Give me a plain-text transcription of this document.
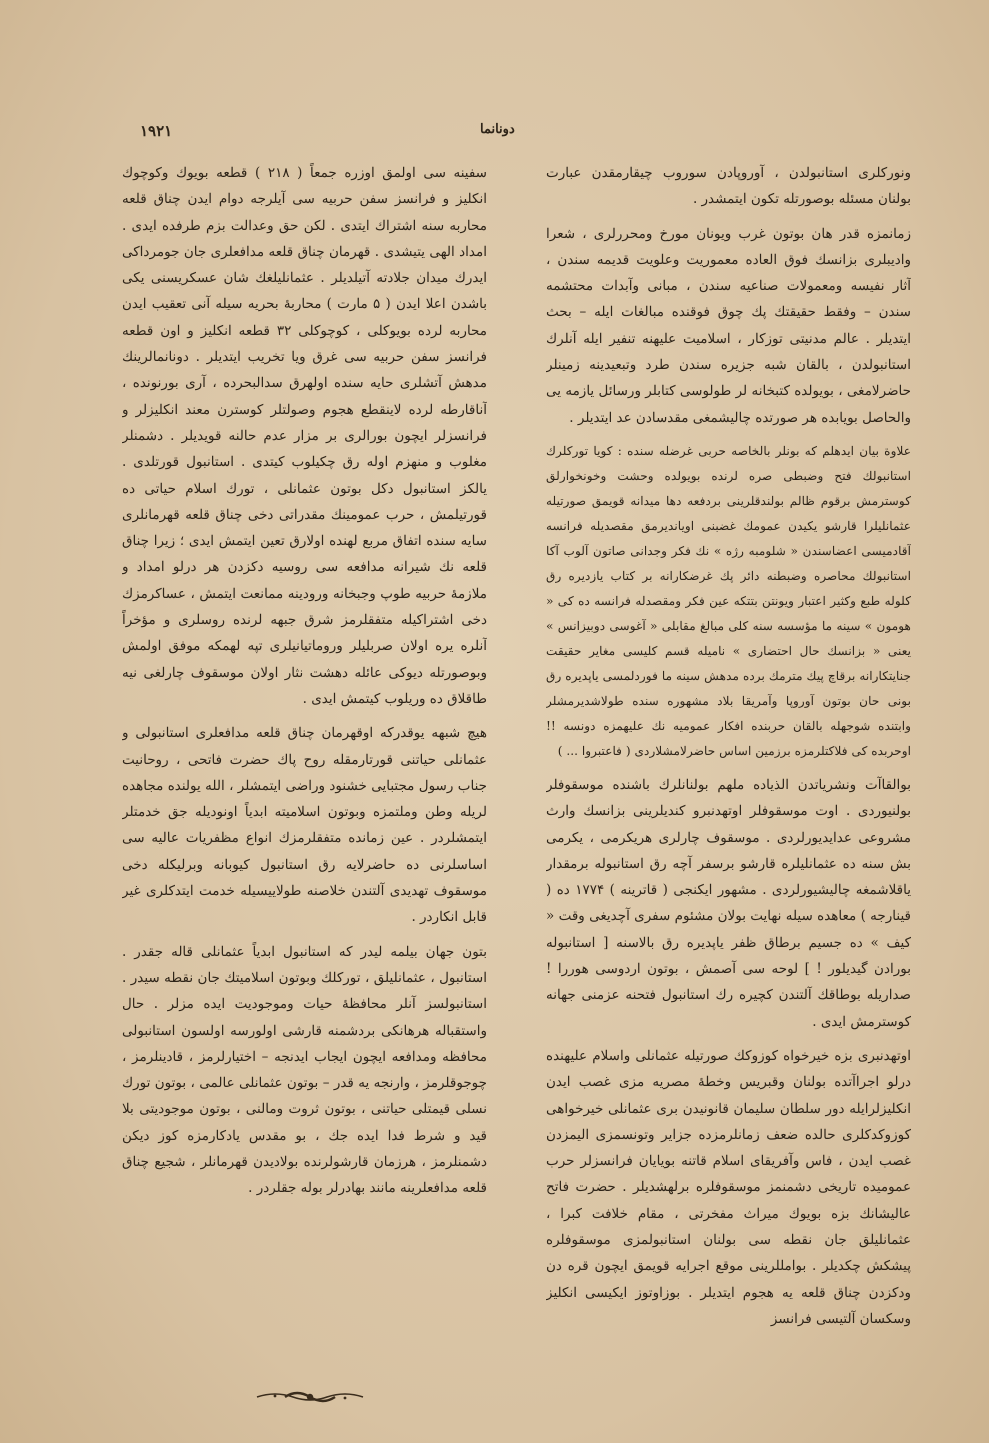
١٩٢١	دونانما

ونورکلری استانبولدن ، آوروپادن سوروب چیقارمقدن عبارت بولنان مسئله بوصورتله تکون ایتمشدر .

زمانمزه قدر هان بوتون غرب ویونان مورخ ومحررلری ، شعرا وادیبلری بزانسك فوق العاده معموریت وعلویت قدیمه سندن ، آثار نفیسه ومعمولات صناعیه سندن ، مبانی وآبدات محتشمه سندن – وفقط حقیقتك پك چوق فوقنده مبالغات ایله – بحث ایتدیلر . عالم مدنیتی توزکار ، اسلامیت علیهنه تنفیر ایله آنلرك استانبولدن ، بالقان شبه جزیره سندن طرد وتبعیدینه زمینلر حاضرلامغی ، بویولده کتبخانه لر طولوسی کتابلر ورسائل یازمه یی والحاصل بویابده هر صورتده چالیشمغی مقدسادن عد ایتدیلر .

علاوة بیان ایدهلم که بونلر بالخاصه حربی غرضله سنده : کویا توركلرك استانبولك فتح وضبطی صره لرنده بویولده وحشت وخونخوارلق کوسترمش برقوم ظالم بولندقلرینی بردفعه دها میدانه قویمق صورتیله عثمانلیلرا قارشو یکیدن عمومك غضبنی اویاندیرمق مقصدیله فرانسه آقادمیسی اعضاسندن « شلومبه رژه » نك فکر وجدانی صاتون آلوب آکا استانبولك محاصره وضبطنه دائر پك غرضكارانه بر کتاب یازدیره رق کلوله طبع وکثیر اعتبار ویونتن بتتكه عین فکر ومقصدله فرانسه ده کی « هومون » سینه ما مؤسسه سنه کلی مبالغ مقابلی « آغوسی دوبیزانس » یعنی « بزانسك حال احتضاری » نامیله قسم کلیسی مغایر حقیقت جنایتکارانه برقاچ پیك مترمك برده مدهش سینه ما فوردلمسی یاپدیره رق بونی حان بوتون آوروپا وآمریقا بلاد مشهوره سنده طولاشدیرمشلر وابتنده شوجهله بالقان حربنده افکار عمومیه نك علیهمزه دونسه !! اوحربده کی فلاکتلرمزه برزمین اساس حاضرلامشلاردی ( فاعتبروا ... )

بوالقاآت ونشریاتدن الذیاده ملهم بولنانلرك باشنده موسقوفلر بولنیوردی . اوت موسقوفلر اوتهدنبرو کندیلرینی بزانسك وارث مشروعی عدایدیورلردی . موسقوف چارلری هریکرمی ، یکرمی بش سنه ده عثمانلیلره قارشو برسفر آچه رق استانبوله برمقدار یاقلاشمغه چالیشیورلردی . مشهور ایکنجی ( قاترینه ) ۱۷۷۴ ده ( قینارجه ) معاهده سیله نهایت بولان مشئوم سفری آچدیغی وقت « کیف » ده جسیم برطاق ظفر یاپدیره رق بالاسنه [ استانبوله بورادن گیدیلور ! ] لوحه سی آصمش ، بوتون اردوسی هوررا ! صداریله بوطاقك آلتندن کچیره رك استانبول فتحنه عزمنی جهانه کوسترمش ایدی .

اوتهدنبری بزه خیرخواه کوزوکك صورتیله عثمانلی واسلام علیهنده درلو اجراآتده بولنان وقبریس وخطهٔ مصریه مزی غصب ایدن انکلیزلرایله دور سلطان سلیمان قانونیدن بری عثمانلی خیرخواهی کوزوکدکلری حالده ضعف زمانلرمزده جزایر وتونسمزی الیمزدن غصب ایدن ، فاس وآفریقای اسلام قاتنه بویایان فرانسزلر حرب عمومیده تاریخی دشمنمز موسقوفلره برلهشدیلر . حضرت فاتح عالیشانك بزه بویوك میراث مفخرتی ، مقام خلافت کبرا ، عثمانلیلق جان نقطه سی بولنان استانبولمزی موسقوفلره پیشکش چکدیلر . بوامللرینی موقع اجرایه قویمق ایچون قره دن ودکزدن چناق قلعه یه هجوم ایتدیلر . بوزاوتوز ایکیسی انکلیز وسکسان آلتیسی فرانسز

سفینه سی اولمق اوزره جمعاً ( ۲۱۸ ) قطعه بویوك وکوچوك انکلیز و فرانسز سفن حربیه سی آیلرجه دوام ایدن چناق قلعه محاربه سنه اشتراك ایتدی . لکن حق وعدالت بزم طرفده ایدی . امداد الهی یتیشدی . قهرمان چناق قلعه مدافعلری جان جومرداکی ایدرك میدان جلادته آتیلدیلر . عثمانلیلغك شان عسکریسنی یکی باشدن اعلا ایدن ( ۵ مارت ) محاربهٔ بحریه سیله آنی تعقیب ایدن محاربه لرده بویوکلی ، کوچوکلی ۳۲ قطعه انکلیز و اون قطعه فرانسز سفن حربیه سی غرق ویا تخریب ایتدیلر . دونانمالرینك مدهش آتشلری حایه سنده اولهرق سدالبحرده ، آری بورنونده ، آناقارطه لرده لاینقطع هجوم وصولتلر کوسترن معند انکلیزلر و فرانسزلر ایچون بورالری بر مزار عدم حالنه قویدیلر . دشمنلر مغلوب و منهزم اوله رق چکیلوب کیتدی . استانبول قورتلدی . یالکز استانبول دکل بوتون عثمانلی ، تورك اسلام حیاتی ده قورتیلمش ، حرب عمومینك مقدراتی دخی چناق قلعه قهرمانلری سایه سنده اتفاق مربع لهنده اولارق تعین ایتمش ایدی ؛ زیرا چناق قلعه نك شیرانه مدافعه سی روسیه دکزدن هر درلو امداد و ملازمهٔ حربیه طوپ وجبخانه ورودینه ممانعت ایتمش ، عساکرمزك دخی اشتراکیله متفقلرمز شرق جبهه لرنده روسلری و مؤخراً آنلره یره اولان صربلیلر وروماتیانیلری تپه لهمکه موفق اولمش وبوصورتله دیوکی عائله دهشت نثار اولان موسقوف چارلغی نیه طاقلاق ده وریلوب کیتمش ایدی .

هیچ شبهه یوقدرکه اوقهرمان چناق قلعه مدافعلری استانبولی و عثمانلی حیاتنی قورتارمقله روح پاك حضرت فاتحی ، روحانیت جناب رسول مجتبایی خشنود وراضی ایتمشلر ، الله یولنده مجاهده لریله وطن وملتمزه وبوتون اسلامیته ابدیاً اونودیله جق خدمتلر ایتمشلردر . عین زمانده متفقلرمزك انواع مظفریات عالیه سی اساسلرنی ده حاضرلایه رق استانبول کیوبانه وبرلیکله دخی موسقوف تهدیدی آلتندن خلاصنه طولاییسیله خدمت ایتدکلری غیر قابل انکاردر .

بتون جهان بیلمه لیدر که استانبول ابدیاً عثمانلی قاله جقدر . استانبول ، عثمانلیلق ، تورکلك وبوتون اسلامیتك جان نقطه سیدر . استانبولسز آنلر محافظهٔ حیات وموجودیت ایده مزلر . حال واستقباله هرهانکی بردشمنه قارشی اولورسه اولسون استانبولی محافظه ومدافعه ایچون ایجاب ایدنجه – اختیارلرمز ، قادینلرمز ، چوجوقلرمز ، وارنجه یه قدر – بوتون عثمانلی عالمی ، بوتون تورك نسلی قیمتلی حیاتنی ، بوتون ثروت ومالنی ، بوتون موجودیتی بلا قید و شرط فدا ایده جك ، بو مقدس یادکارمزه کوز دیکن دشمنلرمز ، هرزمان قارشولرنده بولادیدن قهرمانلر ، شجیع چناق قلعه مدافعلرینه مانند بهادرلر بوله جقلردر .
